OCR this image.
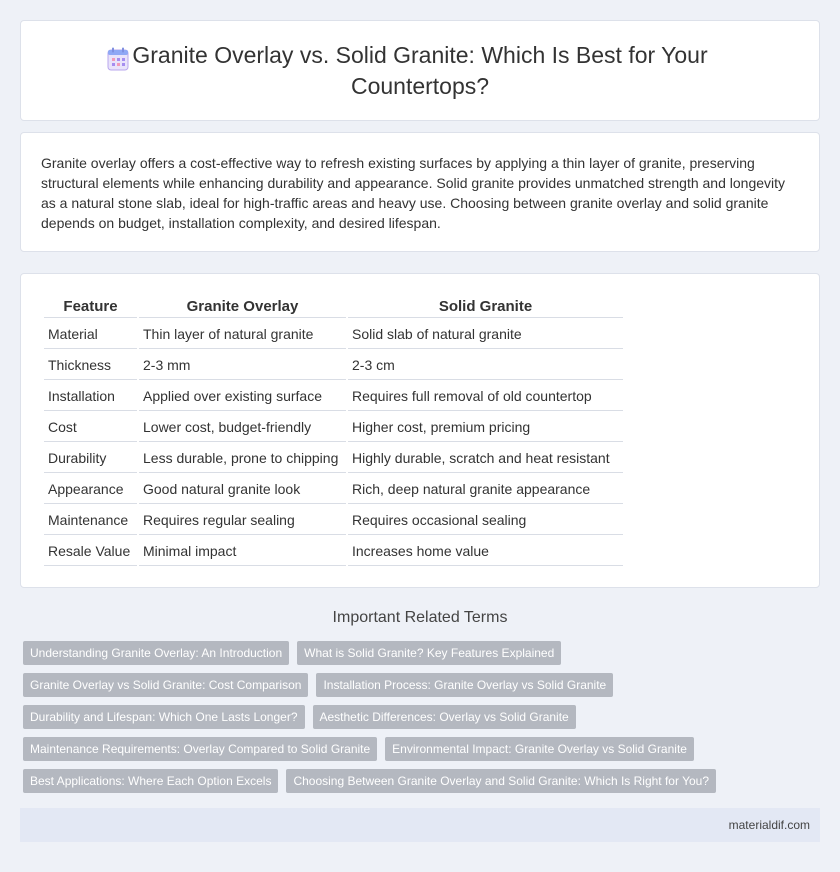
Granite Overlay vs. Solid Granite: Which Is Best for Your Countertops?

Granite overlay offers a cost-effective way to refresh existing surfaces by applying a thin layer of granite, preserving structural elements while enhancing durability and appearance. Solid granite provides unmatched strength and longevity as a natural stone slab, ideal for high-traffic areas and heavy use. Choosing between granite overlay and solid granite depends on budget, installation complexity, and desired lifespan.

Feature	Granite Overlay	Solid Granite
Material	Thin layer of natural granite	Solid slab of natural granite
Thickness	2-3 mm	2-3 cm
Installation	Applied over existing surface	Requires full removal of old countertop
Cost	Lower cost, budget-friendly	Higher cost, premium pricing
Durability	Less durable, prone to chipping	Highly durable, scratch and heat resistant
Appearance	Good natural granite look	Rich, deep natural granite appearance
Maintenance	Requires regular sealing	Requires occasional sealing
Resale Value	Minimal impact	Increases home value
Important Related Terms
Understanding Granite Overlay: An Introduction	What is Solid Granite? Key Features Explained
Granite Overlay vs Solid Granite: Cost Comparison	Installation Process: Granite Overlay vs Solid Granite
Durability and Lifespan: Which One Lasts Longer?	Aesthetic Differences: Overlay vs Solid Granite
Maintenance Requirements: Overlay Compared to Solid Granite	Environmental Impact: Granite Overlay vs Solid Granite
Best Applications: Where Each Option Excels	Choosing Between Granite Overlay and Solid Granite: Which Is Right for You?
materialdif.com
